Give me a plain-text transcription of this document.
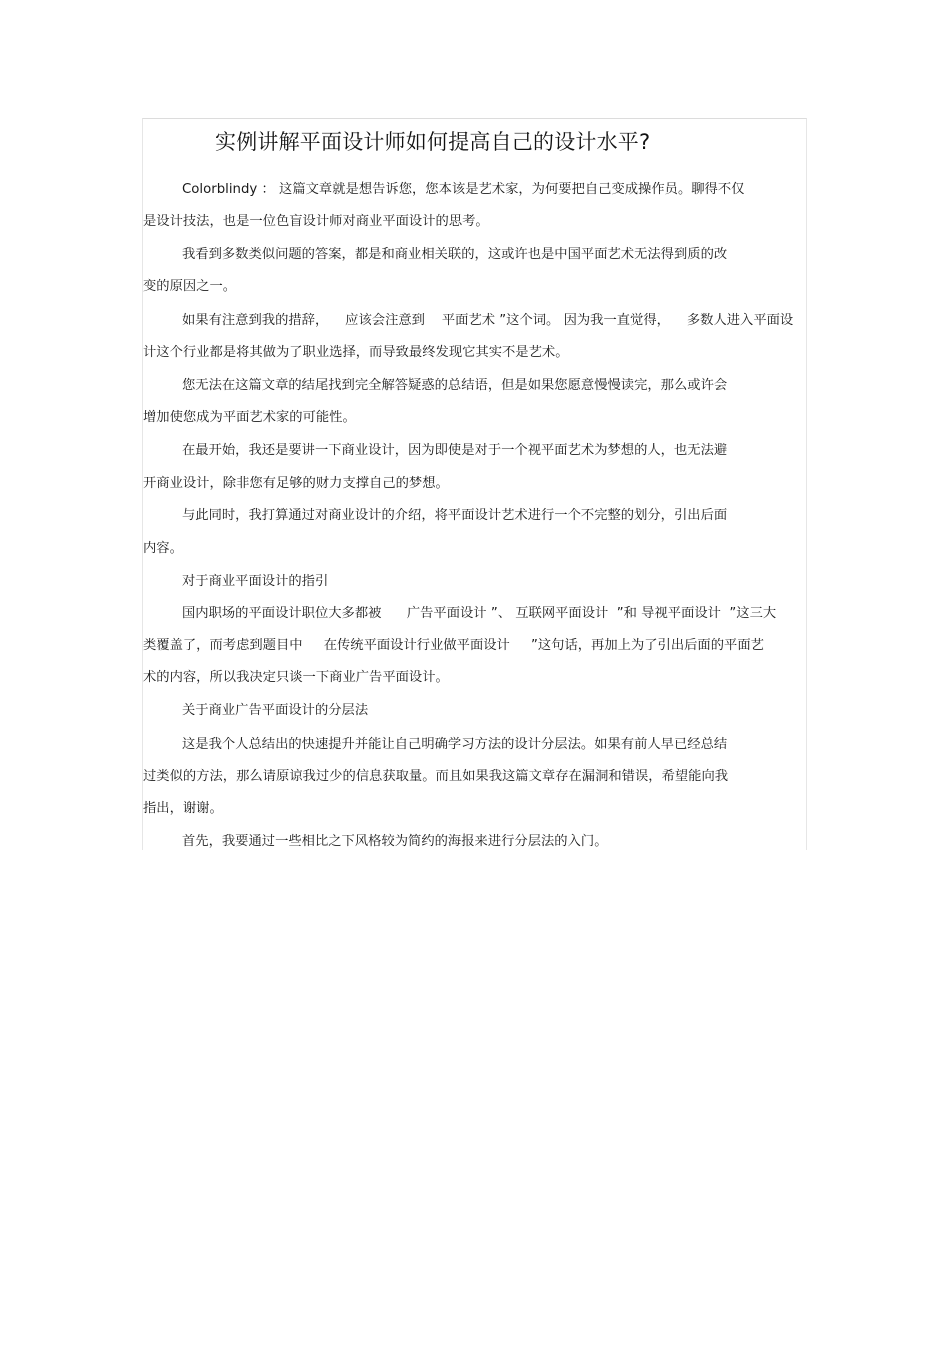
实例讲解平面设计师如何提高自己的设计水平?
Colorblindy ： 这篇文章就是想告诉您，您本该是艺术家，为何要把自己变成操作员。聊得不仅
是设计技法，也是一位色盲设计师对商业平面设计的思考。
我看到多数类似问题的答案，都是和商业相关联的，这或许也是中国平面艺术无法得到质的改
变的原因之一。
如果有注意到我的措辞，    应该会注意到    平面艺术 ”这个词。 因为我一直觉得，    多数人进入平面设
计这个行业都是将其做为了职业选择，而导致最终发现它其实不是艺术。
您无法在这篇文章的结尾找到完全解答疑惑的总结语，但是如果您愿意慢慢读完，那么或许会
增加使您成为平面艺术家的可能性。
在最开始，我还是要讲一下商业设计，因为即使是对于一个视平面艺术为梦想的人，也无法避
开商业设计，除非您有足够的财力支撑自己的梦想。
与此同时，我打算通过对商业设计的介绍，将平面设计艺术进行一个不完整的划分，引出后面
内容。
对于商业平面设计的指引
国内职场的平面设计职位大多都被      广告平面设计 ”、 互联网平面设计  ”和 导视平面设计  ”这三大
类覆盖了，而考虑到题目中     在传统平面设计行业做平面设计     ”这句话，再加上为了引出后面的平面艺
术的内容，所以我决定只谈一下商业广告平面设计。
关于商业广告平面设计的分层法
这是我个人总结出的快速提升并能让自己明确学习方法的设计分层法。如果有前人早已经总结
过类似的方法，那么请原谅我过少的信息获取量。而且如果我这篇文章存在漏洞和错误，希望能向我
指出，谢谢。
首先，我要通过一些相比之下风格较为简约的海报来进行分层法的入门。
